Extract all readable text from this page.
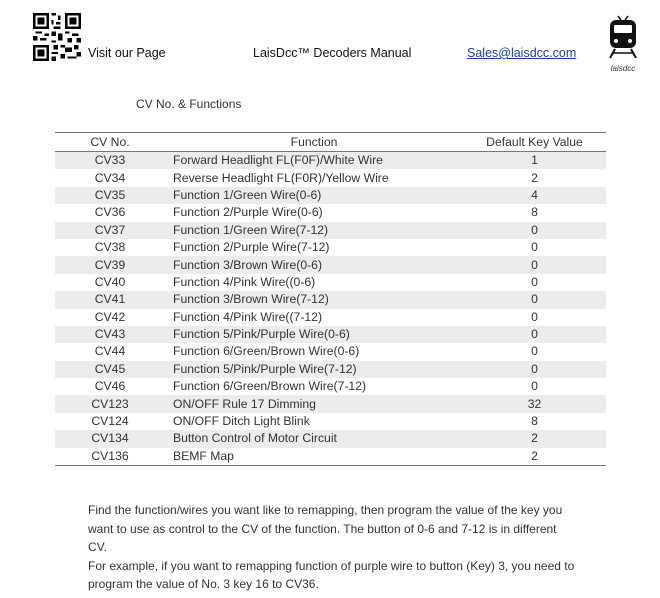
Visit our Page	LaisDcc™ Decoders Manual	Sales@laisdcc.com
laisdcc
CV No. & Functions
CV No.	Function	Default Key Value
CV33	Forward Headlight FL(F0F)/White Wire	1
CV34	Reverse Headlight FL(F0R)/Yellow Wire	2
CV35	Function 1/Green Wire(0-6)	4
CV36	Function 2/Purple Wire(0-6)	8
CV37	Function 1/Green Wire(7-12)	0
CV38	Function 2/Purple Wire(7-12)	0
CV39	Function 3/Brown Wire(0-6)	0
CV40	Function 4/Pink Wire((0-6)	0
CV41	Function 3/Brown Wire(7-12)	0
CV42	Function 4/Pink Wire((7-12)	0
CV43	Function 5/Pink/Purple Wire(0-6)	0
CV44	Function 6/Green/Brown Wire(0-6)	0
CV45	Function 5/Pink/Purple Wire(7-12)	0
CV46	Function 6/Green/Brown Wire(7-12)	0
CV123	ON/OFF Rule 17 Dimming	32
CV124	ON/OFF Ditch Light Blink	8
CV134	Button Control of Motor Circuit	2
CV136	BEMF Map	2

Find the function/wires you want like to remapping, then program the value of the key you
want to use as control to the CV of the function. The button of 0-6 and 7-12 is in different
CV.
For example, if you want to remapping function of purple wire to button (Key) 3, you need to
program the value of No. 3 key 16 to CV36.
